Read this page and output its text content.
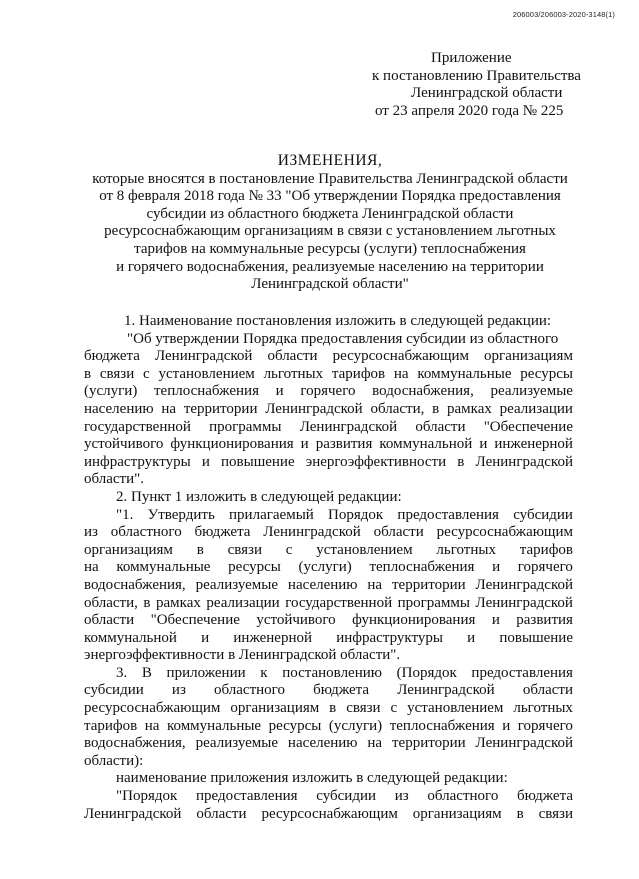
206003/206003-2020-3148(1)
Приложение
к постановлению Правительства
Ленинградской области
от 23 апреля 2020 года № 225
ИЗМЕНЕНИЯ,
которые вносятся в постановление Правительства Ленинградской области
от 8 февраля 2018 года № 33 "Об утверждении Порядка предоставления
субсидии из областного бюджета Ленинградской области
ресурсоснабжающим организациям в связи с установлением льготных
тарифов на коммунальные ресурсы (услуги) теплоснабжения
и горячего водоснабжения, реализуемые населению на территории
Ленинградской области"
1. Наименование постановления изложить в следующей редакции:
"Об утверждении Порядка предоставления субсидии из областного
бюджета Ленинградской области ресурсоснабжающим организациям
в связи с установлением льготных тарифов на коммунальные ресурсы
(услуги) теплоснабжения и горячего водоснабжения, реализуемые
населению на территории Ленинградской области, в рамках реализации
государственной программы Ленинградской области "Обеспечение
устойчивого функционирования и развития коммунальной и инженерной
инфраструктуры и повышение энергоэффективности в Ленинградской
области".
2. Пункт 1 изложить в следующей редакции:
"1. Утвердить прилагаемый Порядок предоставления субсидии
из областного бюджета Ленинградской области ресурсоснабжающим
организациям в связи с установлением льготных тарифов
на коммунальные ресурсы (услуги) теплоснабжения и горячего
водоснабжения, реализуемые населению на территории Ленинградской
области, в рамках реализации государственной программы Ленинградской
области "Обеспечение устойчивого функционирования и развития
коммунальной и инженерной инфраструктуры и повышение
энергоэффективности в Ленинградской области".
3. В приложении к постановлению (Порядок предоставления
субсидии из областного бюджета Ленинградской области
ресурсоснабжающим организациям в связи с установлением льготных
тарифов на коммунальные ресурсы (услуги) теплоснабжения и горячего
водоснабжения, реализуемые населению на территории Ленинградской
области):
наименование приложения изложить в следующей редакции:
"Порядок предоставления субсидии из областного бюджета
Ленинградской области ресурсоснабжающим организациям в связи
